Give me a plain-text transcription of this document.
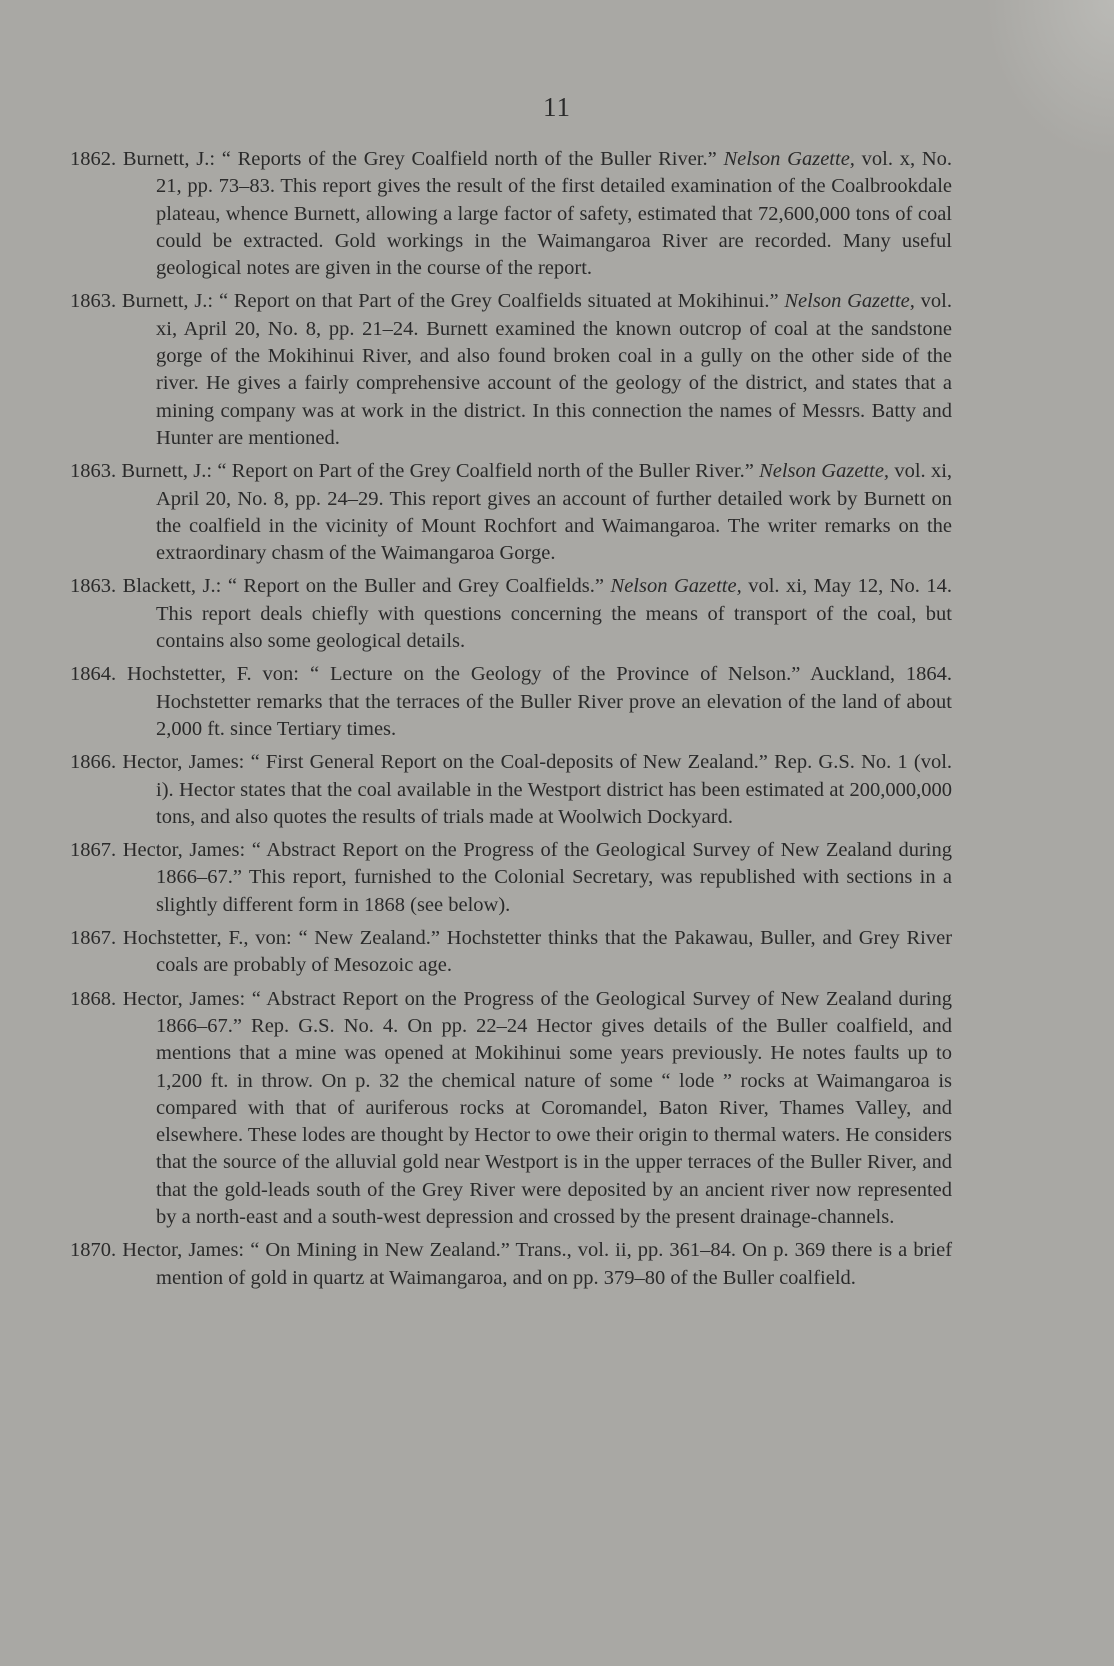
11
1862. Burnett, J.: “ Reports of the Grey Coalfield north of the Buller River.” Nelson Gazette, vol. x, No. 21, pp. 73–83. This report gives the result of the first detailed examination of the Coalbrookdale plateau, whence Burnett, allowing a large factor of safety, estimated that 72,600,000 tons of coal could be extracted. Gold workings in the Waimangaroa River are recorded. Many useful geological notes are given in the course of the report.
1863. Burnett, J.: “ Report on that Part of the Grey Coalfields situated at Mokihinui.” Nelson Gazette, vol. xi, April 20, No. 8, pp. 21–24. Burnett examined the known outcrop of coal at the sandstone gorge of the Mokihinui River, and also found broken coal in a gully on the other side of the river. He gives a fairly comprehensive account of the geology of the district, and states that a mining company was at work in the district. In this connection the names of Messrs. Batty and Hunter are mentioned.
1863. Burnett, J.: “ Report on Part of the Grey Coalfield north of the Buller River.” Nelson Gazette, vol. xi, April 20, No. 8, pp. 24–29. This report gives an account of further detailed work by Burnett on the coalfield in the vicinity of Mount Rochfort and Waimangaroa. The writer remarks on the extraordinary chasm of the Waimangaroa Gorge.
1863. Blackett, J.: “ Report on the Buller and Grey Coalfields.” Nelson Gazette, vol. xi, May 12, No. 14. This report deals chiefly with questions concerning the means of transport of the coal, but contains also some geological details.
1864. Hochstetter, F. von: “ Lecture on the Geology of the Province of Nelson.” Auckland, 1864. Hochstetter remarks that the terraces of the Buller River prove an elevation of the land of about 2,000 ft. since Tertiary times.
1866. Hector, James: “ First General Report on the Coal-deposits of New Zealand.” Rep. G.S. No. 1 (vol. i). Hector states that the coal available in the Westport district has been estimated at 200,000,000 tons, and also quotes the results of trials made at Woolwich Dockyard.
1867. Hector, James: “ Abstract Report on the Progress of the Geological Survey of New Zealand during 1866–67.” This report, furnished to the Colonial Secretary, was republished with sections in a slightly different form in 1868 (see below).
1867. Hochstetter, F., von: “ New Zealand.” Hochstetter thinks that the Pakawau, Buller, and Grey River coals are probably of Mesozoic age.
1868. Hector, James: “ Abstract Report on the Progress of the Geological Survey of New Zealand during 1866–67.” Rep. G.S. No. 4. On pp. 22–24 Hector gives details of the Buller coalfield, and mentions that a mine was opened at Mokihinui some years previously. He notes faults up to 1,200 ft. in throw. On p. 32 the chemical nature of some “ lode ” rocks at Waimangaroa is compared with that of auriferous rocks at Coromandel, Baton River, Thames Valley, and elsewhere. These lodes are thought by Hector to owe their origin to thermal waters. He considers that the source of the alluvial gold near Westport is in the upper terraces of the Buller River, and that the gold-leads south of the Grey River were deposited by an ancient river now represented by a north-east and a south-west depression and crossed by the present drainage-channels.
1870. Hector, James: “ On Mining in New Zealand.” Trans., vol. ii, pp. 361–84. On p. 369 there is a brief mention of gold in quartz at Waimangaroa, and on pp. 379–80 of the Buller coalfield.
